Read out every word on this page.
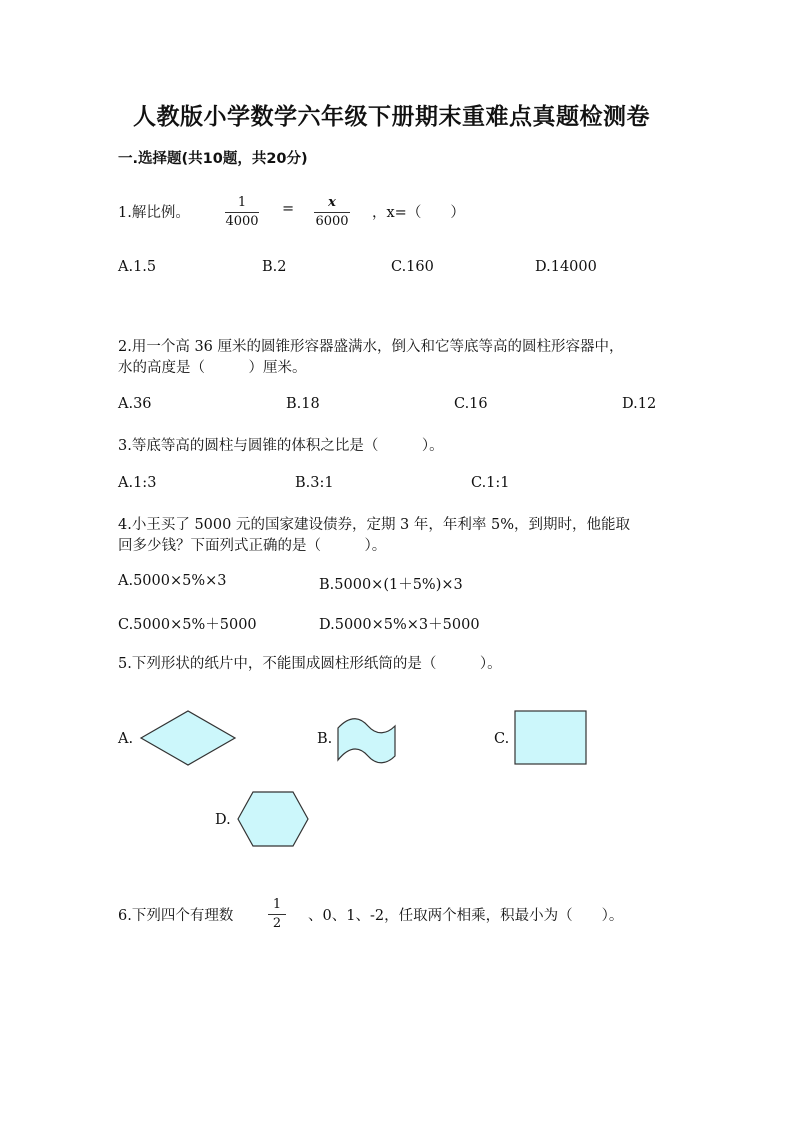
人教版小学数学六年级下册期末重难点真题检测卷
一.选择题(共10题，共20分)
1.解比例。
1
4000
=	x
6000
，x=（　　）
A.1.5	B.2	C.160	D.14000
2.用一个高 36 厘米的圆锥形容器盛满水，倒入和它等底等高的圆柱形容器中，
水的高度是（　　　）厘米。
A.36	B.18	C.16	D.12
3.等底等高的圆柱与圆锥的体积之比是（　　　）。
A.1:3	B.3:1	C.1:1
4.小王买了 5000 元的国家建设债券，定期 3 年，年利率 5%，到期时，他能取
回多少钱？下面列式正确的是（　　　）。
A.5000×5%×3	B.5000×(1＋5%)×3
C.5000×5%＋5000	D.5000×5%×3＋5000
5.下列形状的纸片中，不能围成圆柱形纸筒的是（　　　）。
A.	B.	C.
D.
6.下列四个有理数
1
2	、0、1、-2，任取两个相乘，积最小为（　　）。
